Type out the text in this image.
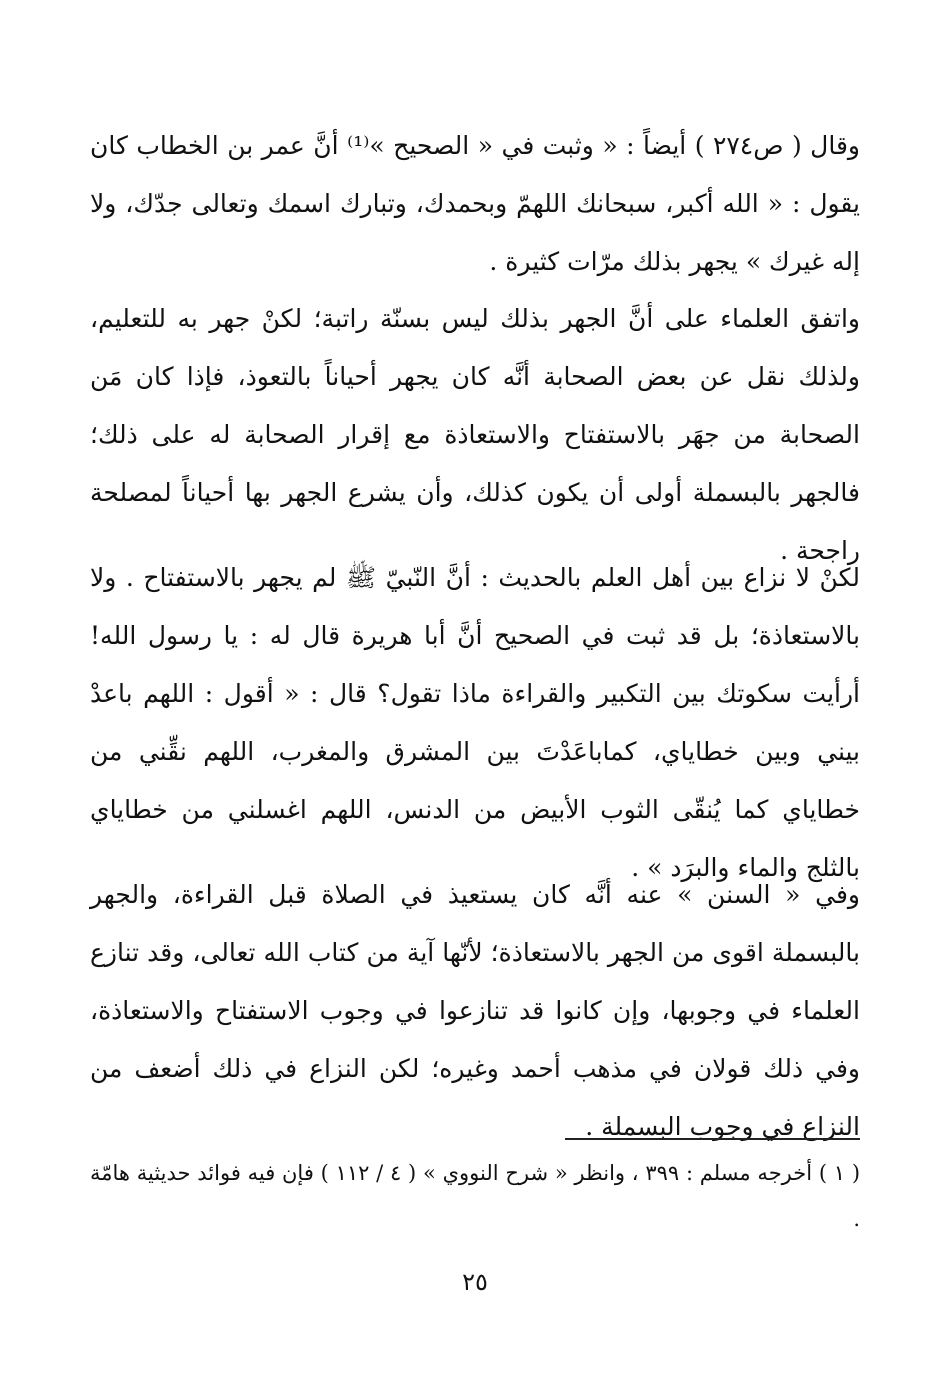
وقال ( ص٢٧٤ ) أيضاً : « وثبت في « الصحيح »⁽¹⁾ أنَّ عمر بن الخطاب كان يقول : « الله أكبر، سبحانك اللهمّ وبحمدك، وتبارك اسمك وتعالى جدّك، ولا إله غيرك » يجهر بذلك مرّات كثيرة .

واتفق العلماء على أنَّ الجهر بذلك ليس بسنّة راتبة؛ لكنْ جهر به للتعليم، ولذلك نقل عن بعض الصحابة أنَّه كان يجهر أحياناً بالتعوذ، فإذا كان مَن الصحابة من جهَر بالاستفتاح والاستعاذة مع إقرار الصحابة له على ذلك؛ فالجهر بالبسملة أولى أن يكون كذلك، وأن يشرع الجهر بها أحياناً لمصلحة راجحة .

لكنْ لا نزاع بين أهل العلم بالحديث : أنَّ النّبيّ ﷺ لم يجهر بالاستفتاح . ولا بالاستعاذة؛ بل قد ثبت في الصحيح أنَّ أبا هريرة قال له : يا رسول الله! أرأيت سكوتك بين التكبير والقراءة ماذا تقول؟ قال : « أقول : اللهم باعدْ بيني وبين خطاياي، كماباعَدْتَ بين المشرق والمغرب، اللهم نقِّني من خطاياي كما يُنقّى الثوب الأبيض من الدنس، اللهم اغسلني من خطاياي بالثلج والماء والبرَد » .

وفي « السنن » عنه أنَّه كان يستعيذ في الصلاة قبل القراءة، والجهر بالبسملة اقوى من الجهر بالاستعاذة؛ لأنّها آية من كتاب الله تعالى، وقد تنازع العلماء في وجوبها، وإن كانوا قد تنازعوا في وجوب الاستفتاح والاستعاذة، وفي ذلك قولان في مذهب أحمد وغيره؛ لكن النزاع في ذلك أضعف من النزاع في وجوب البسملة .

( ١ ) أخرجه مسلم : ٣٩٩ ، وانظر « شرح النووي » ( ٤ / ١١٢ ) فإن فيه فوائد حديثية هامّة .

٢٥
